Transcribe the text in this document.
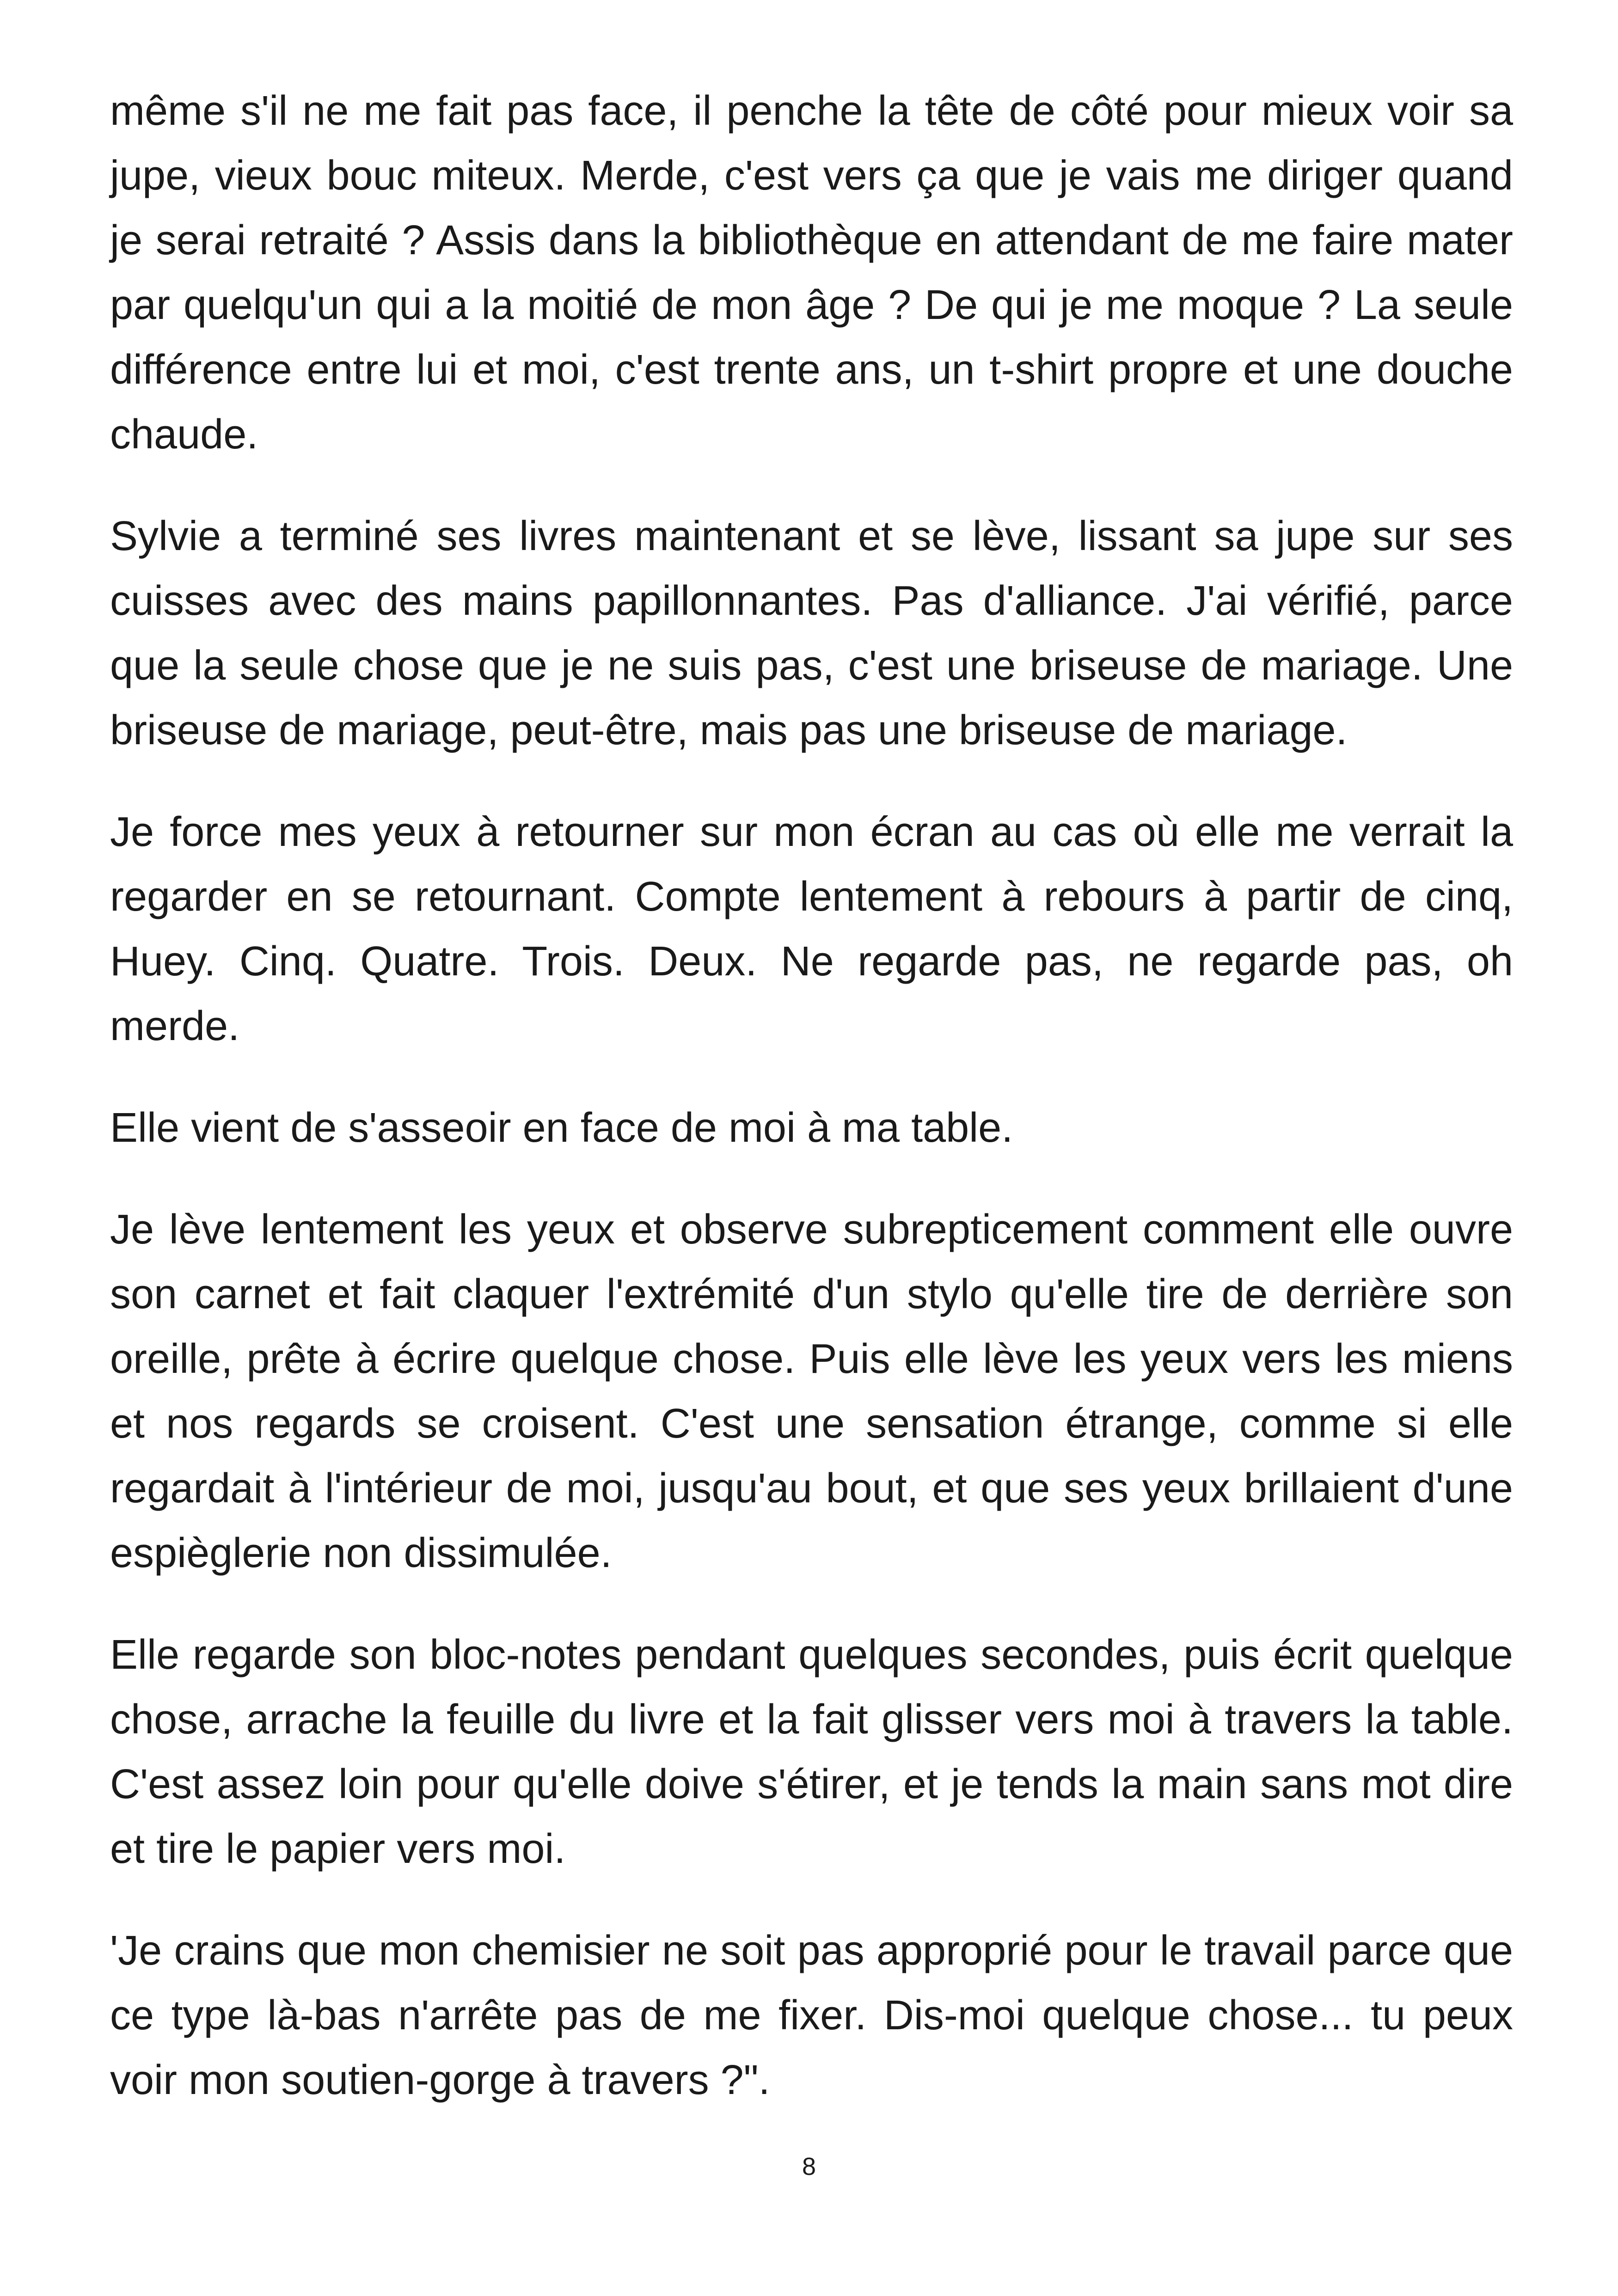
même s'il ne me fait pas face, il penche la tête de côté pour mieux voir sa jupe, vieux bouc miteux. Merde, c'est vers ça que je vais me diriger quand je serai retraité ? Assis dans la bibliothèque en attendant de me faire mater par quelqu'un qui a la moitié de mon âge ? De qui je me moque ? La seule différence entre lui et moi, c'est trente ans, un t-shirt propre et une douche chaude.

Sylvie a terminé ses livres maintenant et se lève, lissant sa jupe sur ses cuisses avec des mains papillonnantes. Pas d'alliance. J'ai vérifié, parce que la seule chose que je ne suis pas, c'est une briseuse de mariage. Une briseuse de mariage, peut-être, mais pas une briseuse de mariage.

Je force mes yeux à retourner sur mon écran au cas où elle me verrait la regarder en se retournant. Compte lentement à rebours à partir de cinq, Huey. Cinq. Quatre. Trois. Deux. Ne regarde pas, ne regarde pas, oh merde.

Elle vient de s'asseoir en face de moi à ma table.

Je lève lentement les yeux et observe subrepticement comment elle ouvre son carnet et fait claquer l'extrémité d'un stylo qu'elle tire de derrière son oreille, prête à écrire quelque chose. Puis elle lève les yeux vers les miens et nos regards se croisent. C'est une sensation étrange, comme si elle regardait à l'intérieur de moi, jusqu'au bout, et que ses yeux brillaient d'une espièglerie non dissimulée.

Elle regarde son bloc-notes pendant quelques secondes, puis écrit quelque chose, arrache la feuille du livre et la fait glisser vers moi à travers la table. C'est assez loin pour qu'elle doive s'étirer, et je tends la main sans mot dire et tire le papier vers moi.

'Je crains que mon chemisier ne soit pas approprié pour le travail parce que ce type là-bas n'arrête pas de me fixer. Dis-moi quelque chose... tu peux voir mon soutien-gorge à travers ?".

8
